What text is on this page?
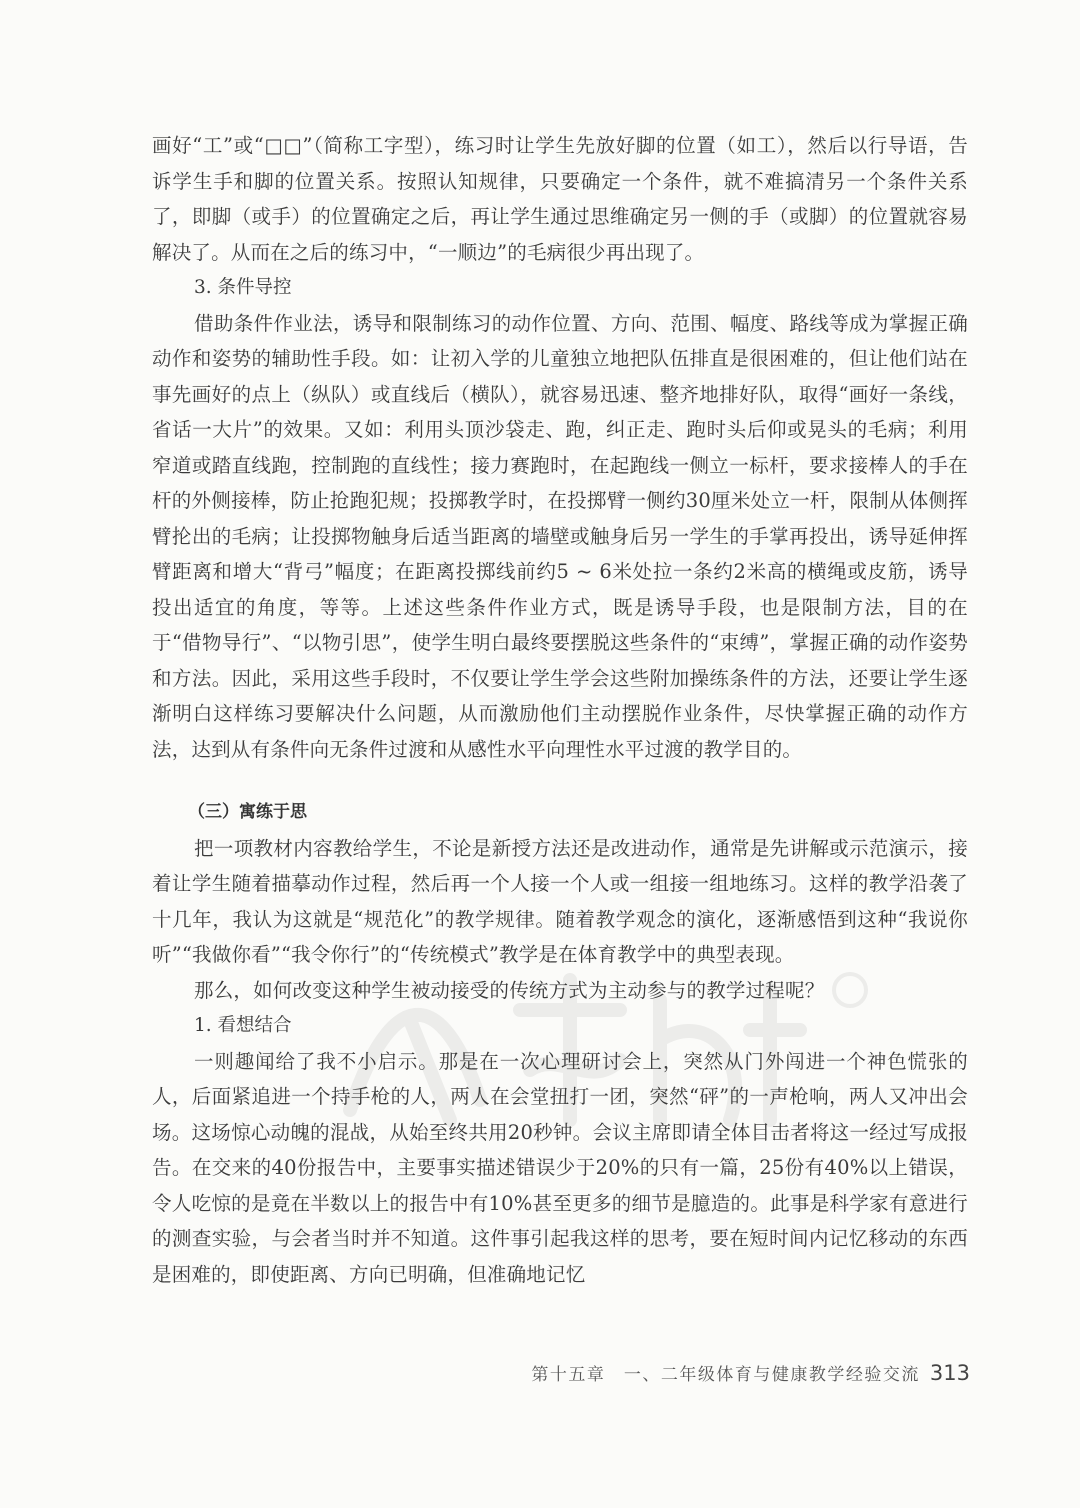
画好“工”或“□□”（简称工字型），练习时让学生先放好脚的位置（如工），然后以行导语，告诉学生手和脚的位置关系。按照认知规律，只要确定一个条件，就不难搞清另一个条件关系了，即脚（或手）的位置确定之后，再让学生通过思维确定另一侧的手（或脚）的位置就容易解决了。从而在之后的练习中，“一顺边”的毛病很少再出现了。

3. 条件导控

借助条件作业法，诱导和限制练习的动作位置、方向、范围、幅度、路线等成为掌握正确动作和姿势的辅助性手段。如：让初入学的儿童独立地把队伍排直是很困难的，但让他们站在事先画好的点上（纵队）或直线后（横队），就容易迅速、整齐地排好队，取得“画好一条线，省话一大片”的效果。又如：利用头顶沙袋走、跑，纠正走、跑时头后仰或晃头的毛病；利用窄道或踏直线跑，控制跑的直线性；接力赛跑时，在起跑线一侧立一标杆，要求接棒人的手在杆的外侧接棒，防止抢跑犯规；投掷教学时，在投掷臂一侧约30厘米处立一杆，限制从体侧挥臂抡出的毛病；让投掷物触身后适当距离的墙壁或触身后另一学生的手掌再投出，诱导延伸挥臂距离和增大“背弓”幅度；在距离投掷线前约5 ~ 6米处拉一条约2米高的横绳或皮筋，诱导投出适宜的角度，等等。上述这些条件作业方式，既是诱导手段，也是限制方法，目的在于“借物导行”、“以物引思”，使学生明白最终要摆脱这些条件的“束缚”，掌握正确的动作姿势和方法。因此，采用这些手段时，不仅要让学生学会这些附加操练条件的方法，还要让学生逐渐明白这样练习要解决什么问题，从而激励他们主动摆脱作业条件，尽快掌握正确的动作方法，达到从有条件向无条件过渡和从感性水平向理性水平过渡的教学目的。

（三）寓练于思

把一项教材内容教给学生，不论是新授方法还是改进动作，通常是先讲解或示范演示，接着让学生随着描摹动作过程，然后再一个人接一个人或一组接一组地练习。这样的教学沿袭了十几年，我认为这就是“规范化”的教学规律。随着教学观念的演化，逐渐感悟到这种“我说你听”“我做你看”“我令你行”的“传统模式”教学是在体育教学中的典型表现。

那么，如何改变这种学生被动接受的传统方式为主动参与的教学过程呢？

1. 看想结合

一则趣闻给了我不小启示。那是在一次心理研讨会上，突然从门外闯进一个神色慌张的人，后面紧追进一个持手枪的人，两人在会堂扭打一团，突然“砰”的一声枪响，两人又冲出会场。这场惊心动魄的混战，从始至终共用20秒钟。会议主席即请全体目击者将这一经过写成报告。在交来的40份报告中，主要事实描述错误少于20%的只有一篇，25份有40%以上错误，令人吃惊的是竟在半数以上的报告中有10%甚至更多的细节是臆造的。此事是科学家有意进行的测查实验，与会者当时并不知道。这件事引起我这样的思考，要在短时间内记忆移动的东西是困难的，即使距离、方向已明确，但准确地记忆

第十五章　一、二年级体育与健康教学经验交流 313
